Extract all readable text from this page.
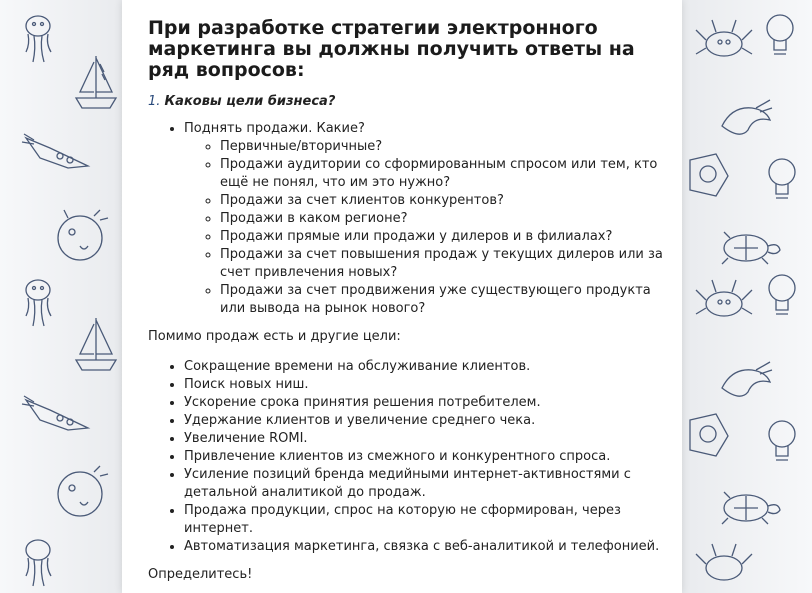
При разработке стратегии электронного маркетинга вы должны получить ответы на ряд вопросов:

1. Каковы цели бизнеса?

• Поднять продажи. Какие?
◦ Первичные/вторичные?
◦ Продажи аудитории со сформированным спросом или тем, кто ещё не понял, что им это нужно?
◦ Продажи за счет клиентов конкурентов?
◦ Продажи в каком регионе?
◦ Продажи прямые или продажи у дилеров и в филиалах?
◦ Продажи за счет повышения продаж у текущих дилеров или за счет привлечения новых?
◦ Продажи за счет продвижения уже существующего продукта или вывода на рынок нового?

Помимо продаж есть и другие цели:

• Сокращение времени на обслуживание клиентов.
• Поиск новых ниш.
• Ускорение срока принятия решения потребителем.
• Удержание клиентов и увеличение среднего чека.
• Увеличение ROMI.
• Привлечение клиентов из смежного и конкурентного спроса.
• Усиление позиций бренда медийными интернет-активностями с детальной аналитикой до продаж.
• Продажа продукции, спрос на которую не сформирован, через интернет.
• Автоматизация маркетинга, связка с веб-аналитикой и телефонией.

Определитесь!
